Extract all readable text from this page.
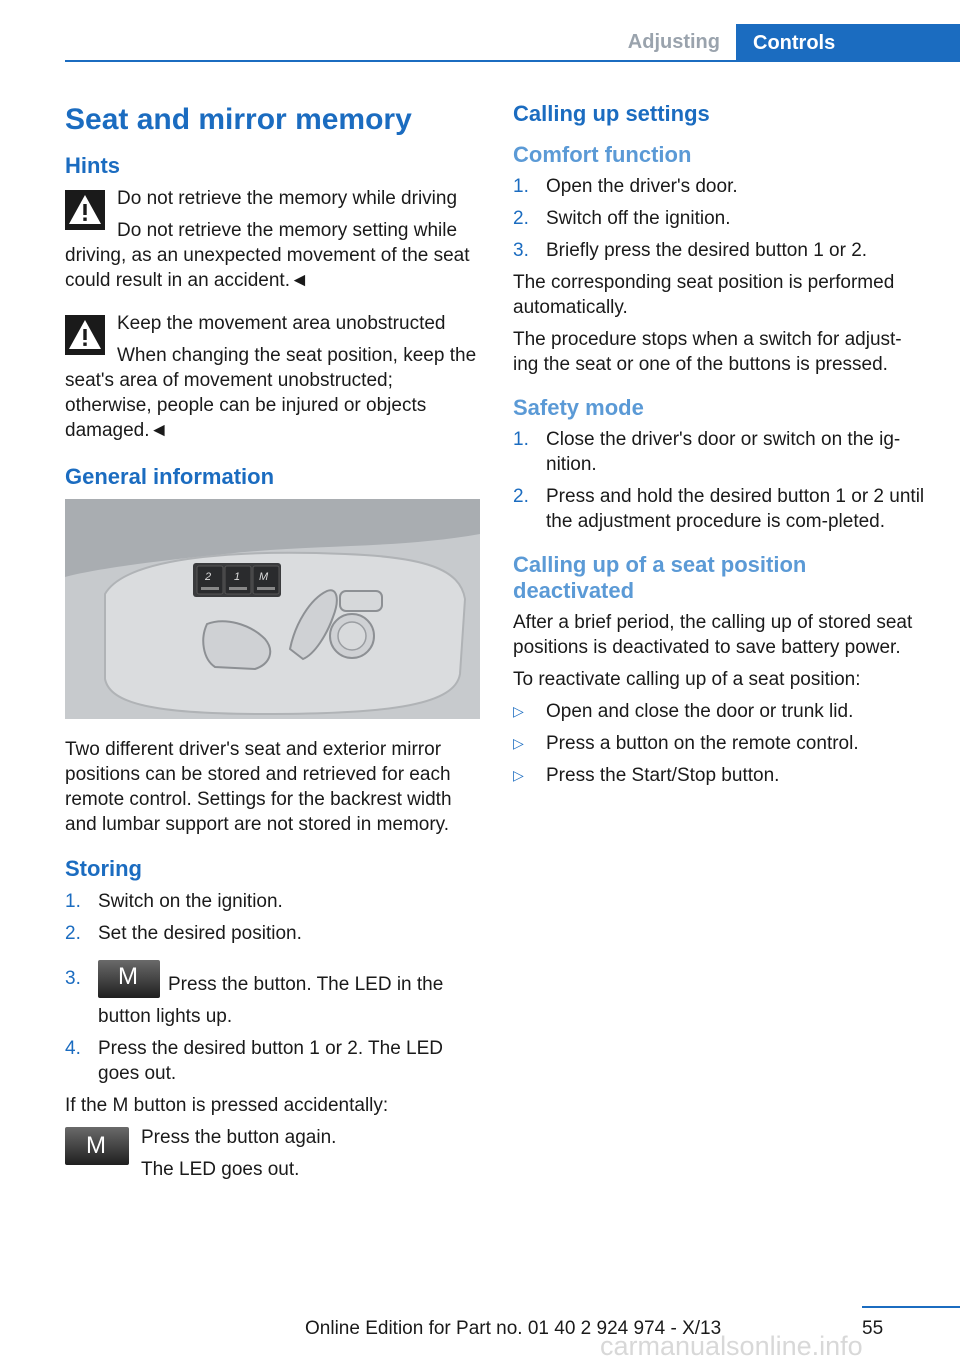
Adjusting	Controls
Seat and mirror memory
Hints
Do not retrieve the memory while driving
Do not retrieve the memory setting while driving, as an unexpected movement of the seat could result in an accident.◄
Keep the movement area unobstructed
When changing the seat position, keep the seat's area of movement unobstructed; otherwise, people can be injured or objects damaged.◄
General information
2 1 M

Two different driver's seat and exterior mirror positions can be stored and retrieved for each remote control. Settings for the backrest width and lumbar support are not stored in memory.

Storing
1. Switch on the ignition.
2. Set the desired position.
3. M Press the button. The LED in the button lights up.
4. Press the desired button 1 or 2. The LED goes out.

If the M button is pressed accidentally:

M	Press the button again.

The LED goes out.

Calling up settings
Comfort function
1. Open the driver's door.
2. Switch off the ignition.
3. Briefly press the desired button 1 or 2.

The corresponding seat position is performed automatically.

The procedure stops when a switch for adjust‐ing the seat or one of the buttons is pressed.

Safety mode
1. Close the driver's door or switch on the ig‐nition.
2. Press and hold the desired button 1 or 2 until the adjustment procedure is com‐pleted.
Calling up of a seat position deactivated

After a brief period, the calling up of stored seat positions is deactivated to save battery power.

To reactivate calling up of a seat position:

▷ Open and close the door or trunk lid.
▷ Press a button on the remote control.
▷ Press the Start/Stop button.
55
Online Edition for Part no. 01 40 2 924 974 - X/13
carmanualsonline.info
